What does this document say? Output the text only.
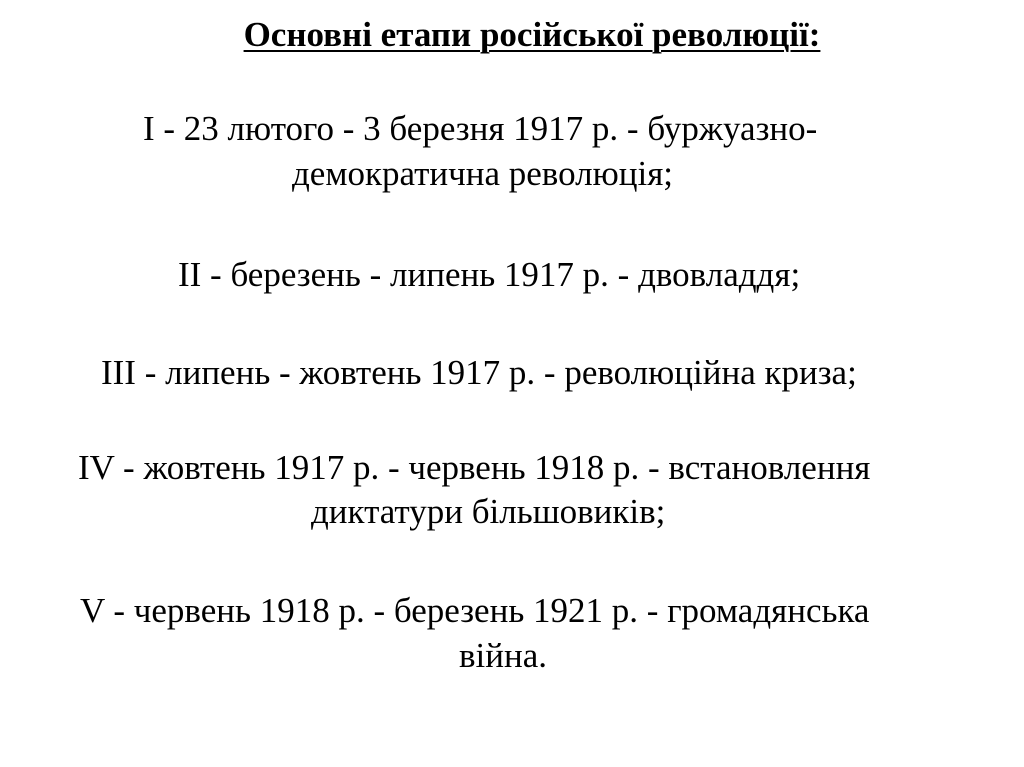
Основні етапи російської революції:
I - 23 лютого - 3 березня 1917 р. - буржуазно-
демократична революція;
II - березень - липень 1917 р. - двовладдя;
III - липень - жовтень 1917 р. - революційна криза;
IV - жовтень 1917 р. - червень 1918 р. - встановлення
диктатури більшовиків;
V - червень 1918 р. - березень 1921 р. - громадянська
війна.
